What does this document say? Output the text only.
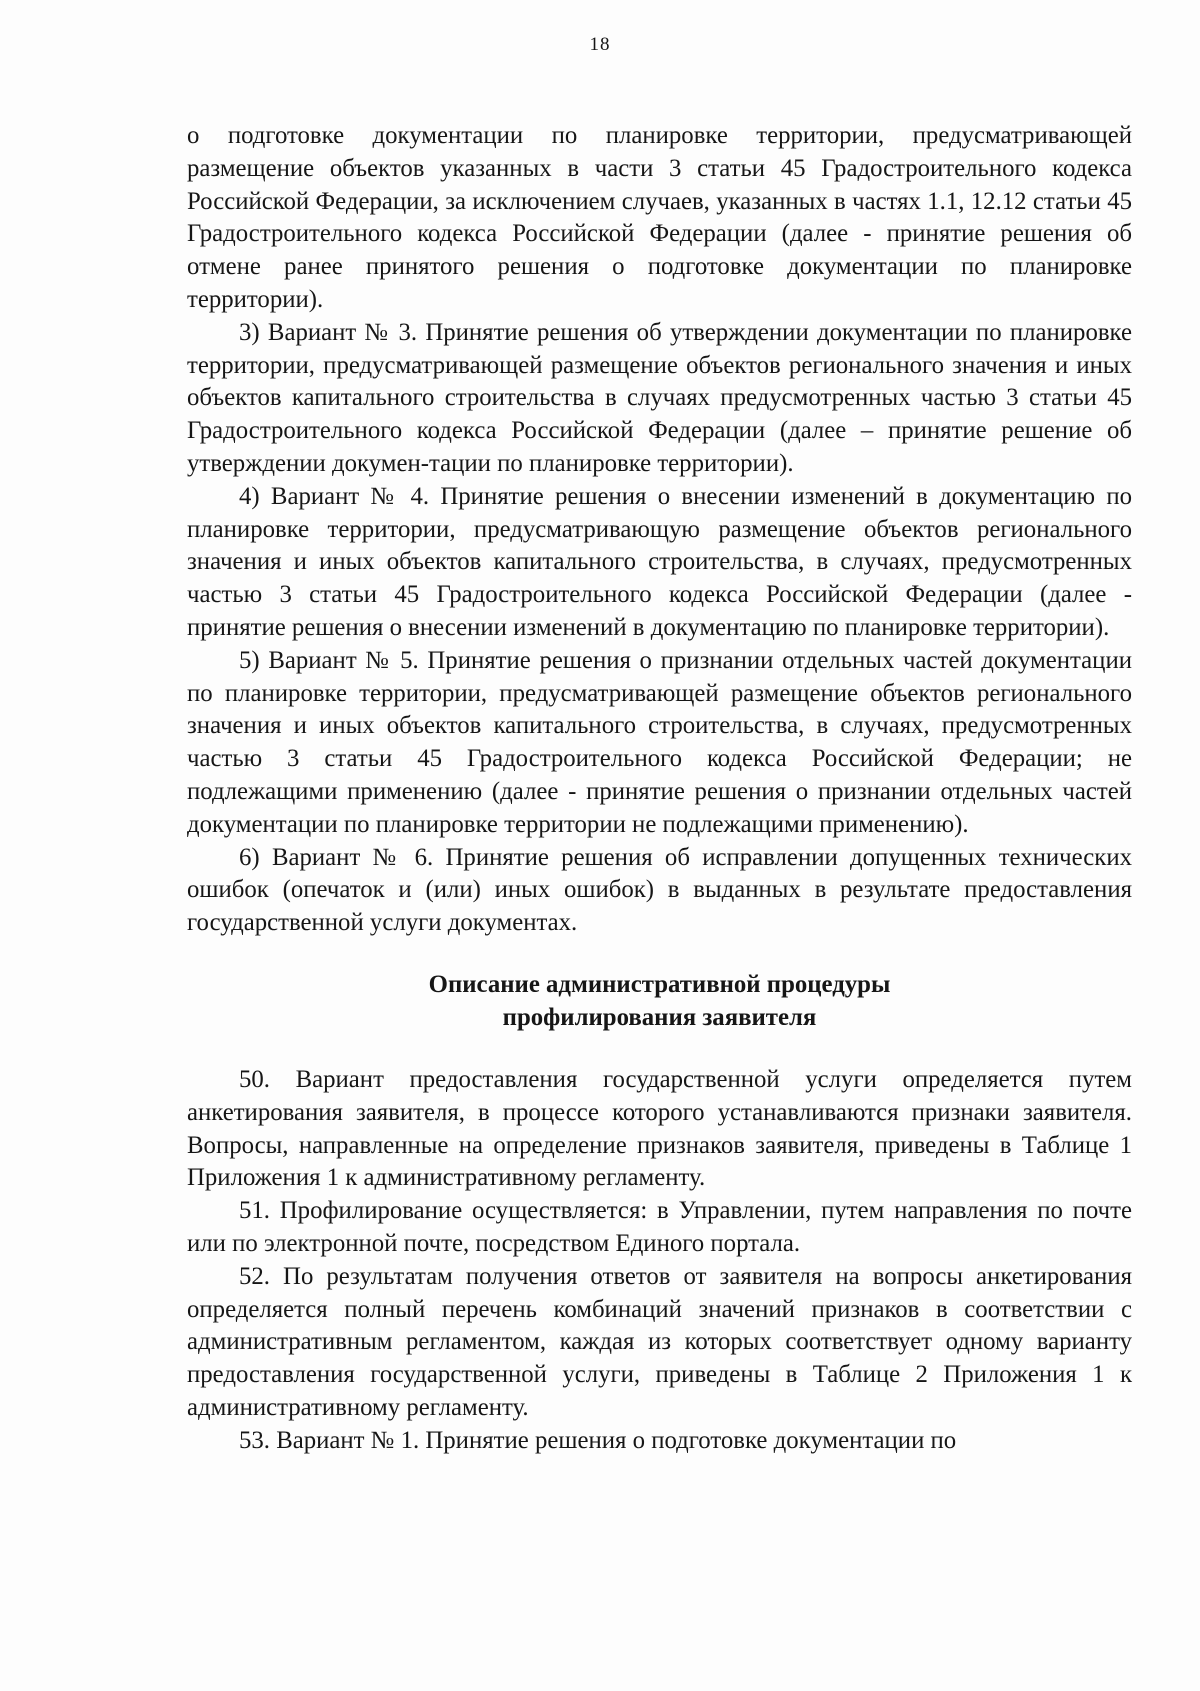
18

о подготовке документации по планировке территории, предусматривающей размещение объектов указанных в части 3 статьи 45 Градостроительного кодекса Российской Федерации, за исключением случаев, указанных в частях 1.1, 12.12 статьи 45 Градостроительного кодекса Российской Федерации (далее - принятие решения об отмене ранее принятого решения о подготовке документации по планировке территории).

3) Вариант № 3. Принятие решения об утверждении документации по планировке территории, предусматривающей размещение объектов регионального значения и иных объектов капитального строительства в случаях предусмотренных частью 3 статьи 45 Градостроительного кодекса Российской Федерации (далее – принятие решение об утверждении докумен-тации по планировке территории).

4) Вариант № 4. Принятие решения о внесении изменений в документацию по планировке территории, предусматривающую размещение объектов регионального значения и иных объектов капитального строительства, в случаях, предусмотренных частью 3 статьи 45 Градостроительного кодекса Российской Федерации (далее - принятие решения о внесении изменений в документацию по планировке территории).

5) Вариант № 5. Принятие решения о признании отдельных частей документации по планировке территории, предусматривающей размещение объектов регионального значения и иных объектов капитального строительства, в случаях, предусмотренных частью 3 статьи 45 Градостроительного кодекса Российской Федерации; не подлежащими применению (далее - принятие решения о признании отдельных частей документации по планировке территории не подлежащими применению).

6) Вариант № 6. Принятие решения об исправлении допущенных технических ошибок (опечаток и (или) иных ошибок) в выданных в результате предоставления государственной услуги документах.

Описание административной процедуры
профилирования заявителя

50. Вариант предоставления государственной услуги определяется путем анкетирования заявителя, в процессе которого устанавливаются признаки заявителя. Вопросы, направленные на определение признаков заявителя, приведены в Таблице 1 Приложения 1 к административному регламенту.

51. Профилирование осуществляется: в Управлении, путем направления по почте или по электронной почте, посредством Единого портала.

52. По результатам получения ответов от заявителя на вопросы анкетирования определяется полный перечень комбинаций значений признаков в соответствии с административным регламентом, каждая из которых соответствует одному варианту предоставления государственной услуги, приведены в Таблице 2 Приложения 1 к административному регламенту.

53. Вариант № 1. Принятие решения о подготовке документации по
